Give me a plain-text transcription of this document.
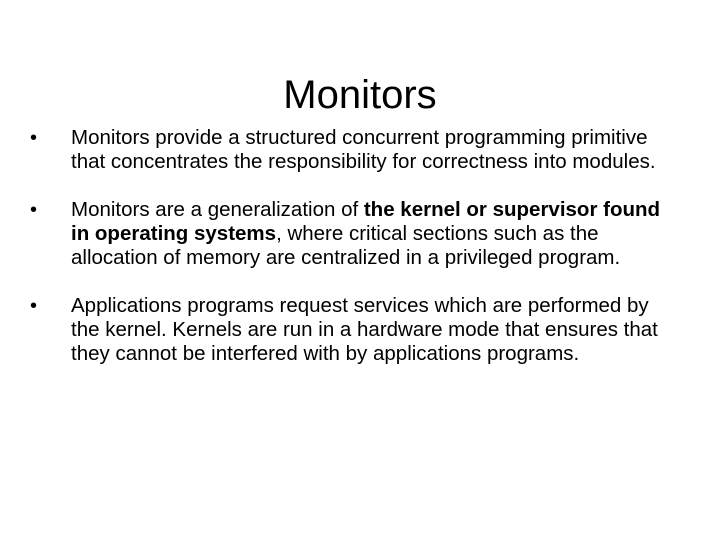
Monitors
•	Monitors provide a structured concurrent programming primitive that concentrates the responsibility for correctness into modules.
•	Monitors are a generalization of the kernel or supervisor found in operating systems, where critical sections such as the allocation of memory are centralized in a privileged program.
•	Applications programs request services which are performed by the kernel. Kernels are run in a hardware mode that ensures that they cannot be interfered with by applications programs.
